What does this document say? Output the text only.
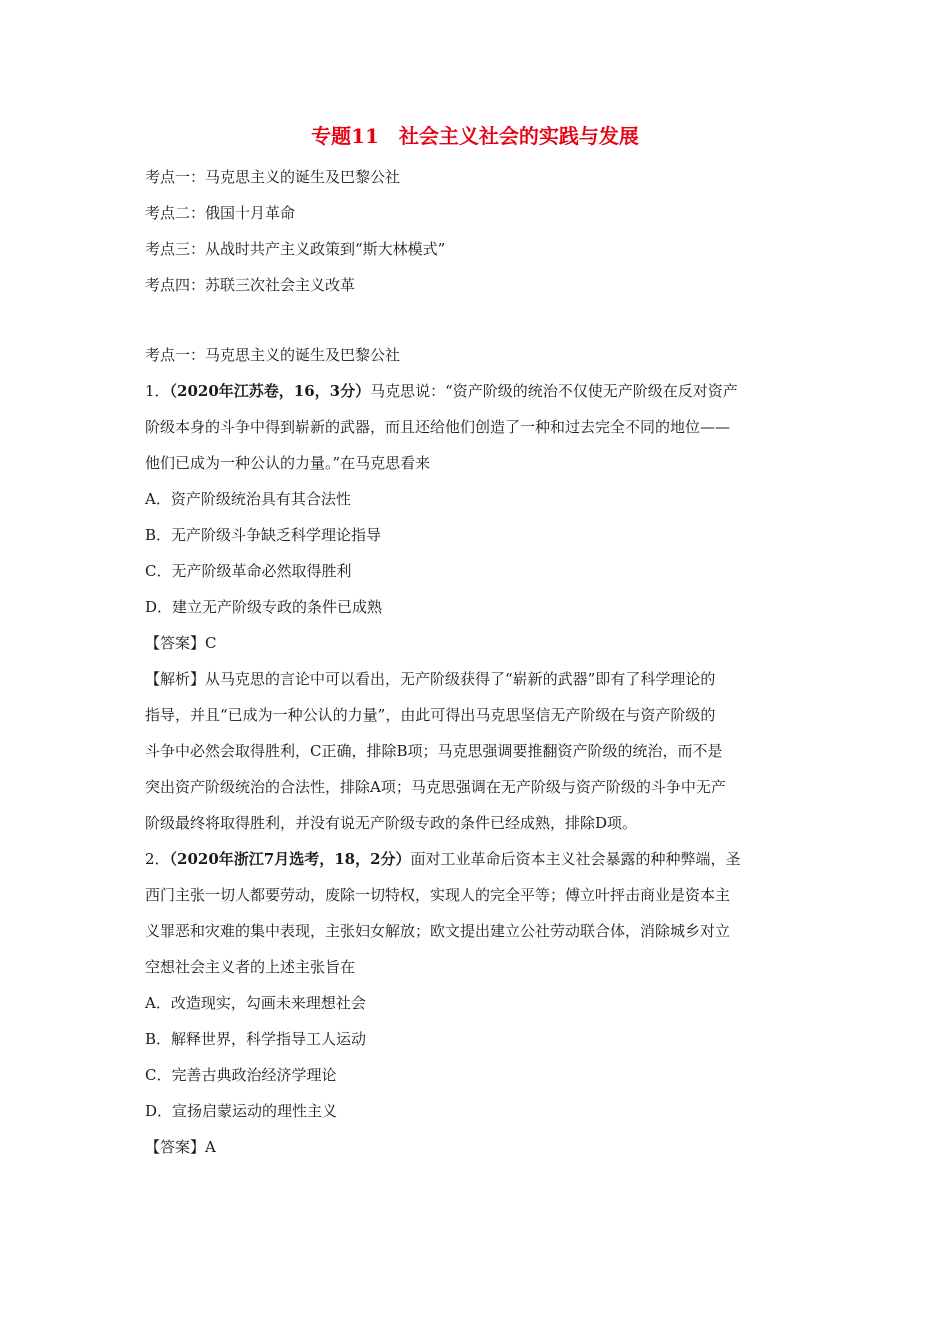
专题11　社会主义社会的实践与发展
考点一：马克思主义的诞生及巴黎公社
考点二：俄国十月革命
考点三：从战时共产主义政策到“斯大林模式”
考点四：苏联三次社会主义改革
考点一：马克思主义的诞生及巴黎公社
1．（2020年江苏卷，16，3分）马克思说：“资产阶级的统治不仅使无产阶级在反对资产
阶级本身的斗争中得到崭新的武器，而且还给他们创造了一种和过去完全不同的地位——
他们已成为一种公认的力量。”在马克思看来
A．资产阶级统治具有其合法性
B．无产阶级斗争缺乏科学理论指导
C．无产阶级革命必然取得胜利
D．建立无产阶级专政的条件已成熟
【答案】C
【解析】从马克思的言论中可以看出，无产阶级获得了“崭新的武器”即有了科学理论的
指导，并且“已成为一种公认的力量”，由此可得出马克思坚信无产阶级在与资产阶级的
斗争中必然会取得胜利，C正确，排除B项；马克思强调要推翻资产阶级的统治，而不是
突出资产阶级统治的合法性，排除A项；马克思强调在无产阶级与资产阶级的斗争中无产
阶级最终将取得胜利，并没有说无产阶级专政的条件已经成熟，排除D项。
2．（2020年浙江7月选考，18，2分）面对工业革命后资本主义社会暴露的种种弊端，圣
西门主张一切人都要劳动，废除一切特权，实现人的完全平等；傅立叶抨击商业是资本主
义罪恶和灾难的集中表现，主张妇女解放；欧文提出建立公社劳动联合体，消除城乡对立
空想社会主义者的上述主张旨在
A．改造现实，勾画未来理想社会
B．解释世界，科学指导工人运动
C．完善古典政治经济学理论
D．宣扬启蒙运动的理性主义
【答案】A
